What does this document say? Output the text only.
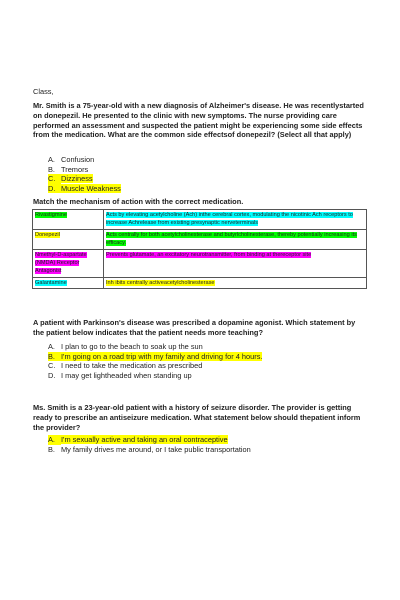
Class,

Mr. Smith is a 75-year-old with a new diagnosis of Alzheimer's disease. He was recentlystarted on donepezil. He presented to the clinic with new symptoms. The nurse providing care performed an assessment and suspected the patient might be experiencing some side effects from the medication. What are the common side effectsof donepezil? (Select all that apply)

A. Confusion
B. Tremors
C. Dizziness
D. Muscle Weakness

Match the mechanism of action with the correct medication.

Rivastigmine	Acts by elevating acetylcholine (Ach) inthe cerebral cortex, modulating the nicotinic Ach receptors to increase Achrelease from existing presynaptic nerveterminals
Donepezil	Acts centrally for both acetylcholinesterase and butyrlcholinesterase, thereby potentially increasing its efficacy.
Nmethyl-D-aspartate (NMDA) Receptor Antagonist	Prevents glutamate, an excitatory neurotransmitter, from binding at thereceptor site
Galantamine	Inh ibits centrally activeacetylcholinesterase

A patient with Parkinson's disease was prescribed a dopamine agonist. Which statement by the patient below indicates that the patient needs more teaching?

A. I plan to go to the beach to soak up the sun
B. I'm going on a road trip with my family and driving for 4 hours.
C. I need to take the medication as prescribed
D. I may get lightheaded when standing up

Ms. Smith is a 23-year-old patient with a history of seizure disorder. The provider is getting ready to prescribe an antiseizure medication. What statement below should thepatient inform the provider?

A. I'm sexually active and taking an oral contraceptive
B. My family drives me around, or I take public transportation
